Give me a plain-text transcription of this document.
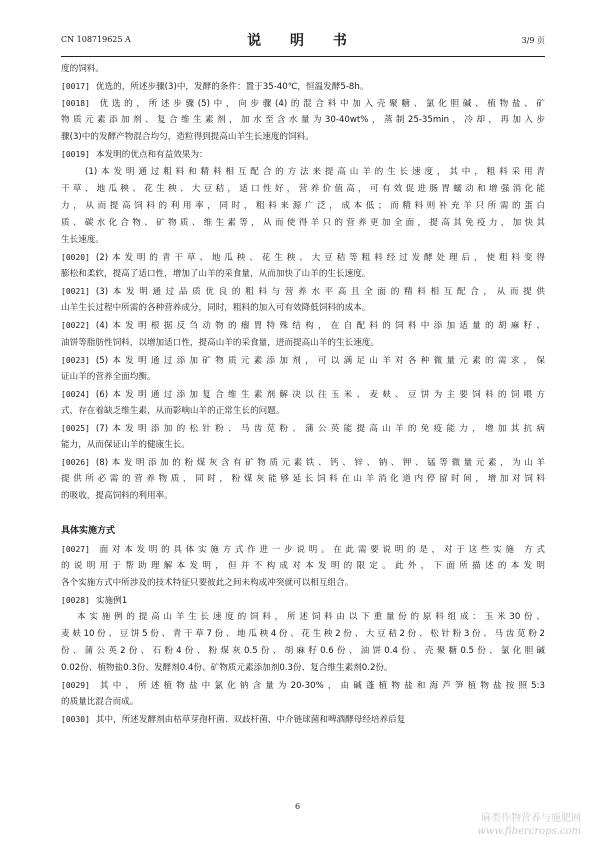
CN 108719625 A	说 明 书	3/9 页
度的饲料。
[0017] 优选的，所述步骤(3)中，发酵的条件：置于35-40℃，恒温发酵5-8h。
[0018] 优选的，所述步骤(5)中，向步骤(4)的混合料中加入壳聚糖、氯化胆碱、植物盐、矿
物质元素添加剂、复合维生素剂，加水至含水量为30-40wt%，蒸制25-35min，冷却，再加入步
骤(3)中的发酵产物混合均匀，造粒得到提高山羊生长速度的饲料。
[0019] 本发明的优点和有益效果为：
(1)本发明通过粗料和精料相互配合的方法来提高山羊的生长速度，其中，粗料采用青
干草、地瓜秧、花生秧、大豆秸，适口性好，营养价值高，可有效促进肠胃蠕动和增强消化能
力，从而提高饲料的利用率，同时，粗料来源广泛，成本低；而精料则补充羊只所需的蛋白
质、碳水化合物、矿物质、维生素等，从而使得羊只的营养更加全面，提高其免疫力，加快其
生长速度。
[0020] (2)本发明的青干草、地瓜秧、花生秧、大豆秸等粗料经过发酵处理后，使粗料变得
膨松和柔软，提高了适口性，增加了山羊的采食量，从而加快了山羊的生长速度。
[0021] (3)本发明通过品质优良的粗料与营养水平高且全面的精料相互配合，从而提供
山羊生长过程中所需的各种营养成分，同时，粗料的加入可有效降低饲料的成本。
[0022] (4)本发明根据反刍动物的瘤胃特殊结构，在自配料的饲料中添加适量的胡麻籽、
油饼等脂肪性饲料，以增加适口性，提高山羊的采食量，进而提高山羊的生长速度。
[0023] (5)本发明通过添加矿物质元素添加剂，可以满足山羊对各种微量元素的需求，保
证山羊的营养全面均衡。
[0024] (6)本发明通过添加复合维生素剂解决以往玉米、麦麸、豆饼为主要饲料的饲喂方
式，存在着缺乏维生素，从而影响山羊的正常生长的问题。
[0025] (7)本发明添加的松针粉、马齿苋粉、蒲公英能提高山羊的免疫能力，增加其抗病
能力，从而保证山羊的健康生长。
[0026] (8)本发明添加的粉煤灰含有矿物质元素铁、钙、锌、钠、钾、锰等微量元素，为山羊
提供所必需的营养物质，同时，粉煤灰能够延长饲料在山羊消化道内停留时间，增加对饲料
的吸收，提高饲料的利用率。
具体实施方式
[0027] 面对本发明的具体实施方式作进一步说明。在此需要说明的是，对于这些实施 方式
的说明用于帮助理解本发明，但并不构成对本发明的限定。此外，下面所描述的本发明
各个实施方式中所涉及的技术特征只要彼此之间未构成冲突就可以相互组合。
[0028] 实施例1
本实施例的提高山羊生长速度的饲料，所述饲料由以下重量份的原料组成：玉米30份、
麦麸10份、豆饼5份、青干草7份、地瓜秧4份、花生秧2份、大豆秸2份、松针粉3份、马齿苋粉2
份、蒲公英2份、石粉4份、粉煤灰0.5份、胡麻籽0.6份、油饼0.4份、壳聚糖0.5份、氯化胆碱
0.02份、植物盐0.3份、发酵剂0.4份、矿物质元素添加剂0.3份、复合维生素剂0.2份。
[0029] 其中，所述植物盐中氯化钠含量为20-30%，由碱蓬植物盐和海芦笋植物盐按照5:3
的质量比混合而成。
[0030] 其中，所述发酵剂由枯草芽孢杆菌、双歧杆菌、中介链球菌和啤酒酵母经培养后复
6
麻类作物营养与施肥网
www.fibercrops.com
